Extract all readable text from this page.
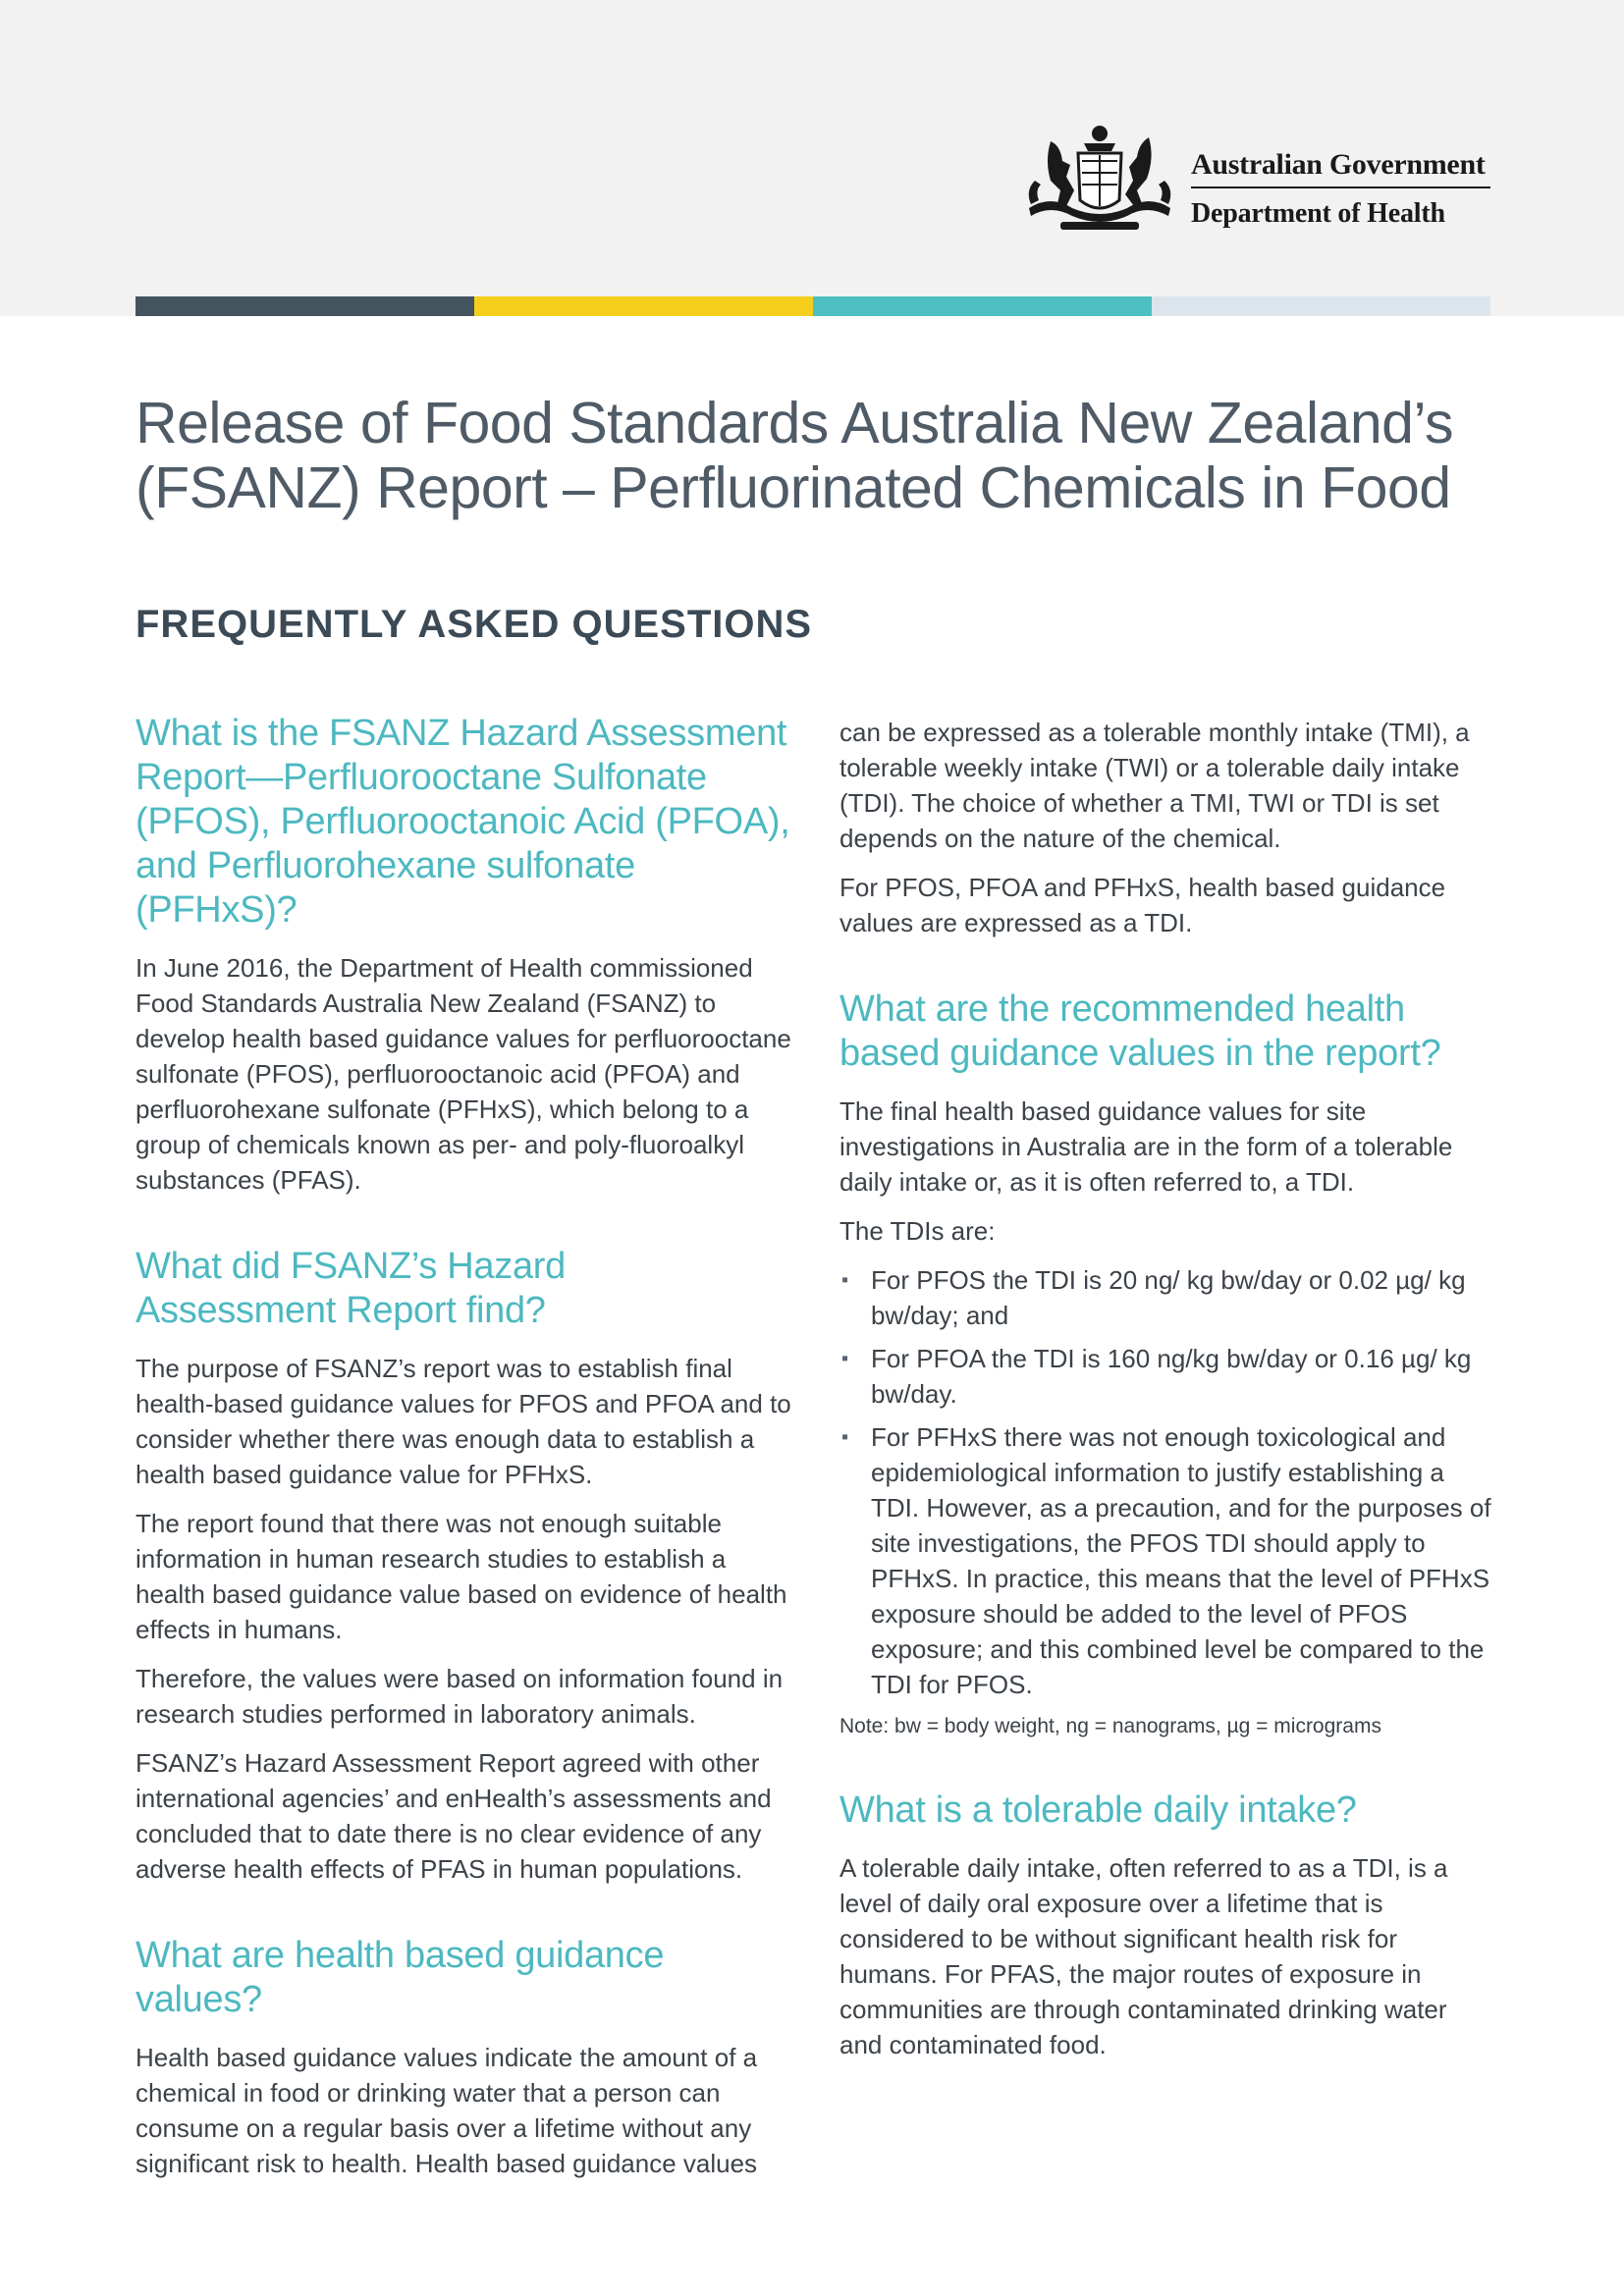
Australian Government
Department of Health
Release of Food Standards Australia New Zealand’s (FSANZ) Report – Perfluorinated Chemicals in Food
FREQUENTLY ASKED QUESTIONS
What is the FSANZ Hazard Assessment Report—Perfluorooctane Sulfonate (PFOS), Perfluorooctanoic Acid (PFOA), and Perfluorohexane sulfonate (PFHxS)?

In June 2016, the Department of Health commissioned Food Standards Australia New Zealand (FSANZ) to develop health based guidance values for perfluorooctane sulfonate (PFOS), perfluorooctanoic acid (PFOA) and perfluorohexane sulfonate (PFHxS), which belong to a group of chemicals known as per- and poly-fluoroalkyl substances (PFAS).

What did FSANZ’s Hazard Assessment Report find?

The purpose of FSANZ’s report was to establish final health-based guidance values for PFOS and PFOA and to consider whether there was enough data to establish a health based guidance value for PFHxS.

The report found that there was not enough suitable information in human research studies to establish a health based guidance value based on evidence of health effects in humans.

Therefore, the values were based on information found in research studies performed in laboratory animals.

FSANZ’s Hazard Assessment Report agreed with other international agencies’ and enHealth’s assessments and concluded that to date there is no clear evidence of any adverse health effects of PFAS in human populations.

What are health based guidance values?

Health based guidance values indicate the amount of a chemical in food or drinking water that a person can consume on a regular basis over a lifetime without any significant risk to health. Health based guidance values

can be expressed as a tolerable monthly intake (TMI), a tolerable weekly intake (TWI) or a tolerable daily intake (TDI). The choice of whether a TMI, TWI or TDI is set depends on the nature of the chemical.

For PFOS, PFOA and PFHxS, health based guidance values are expressed as a TDI.

What are the recommended health based guidance values in the report?

The final health based guidance values for site investigations in Australia are in the form of a tolerable daily intake or, as it is often referred to, a TDI.

The TDIs are:

▪ For PFOS the TDI is 20 ng/ kg bw/day or 0.02 µg/ kg bw/day; and
▪ For PFOA the TDI is 160 ng/kg bw/day or 0.16 µg/ kg bw/day.
▪ For PFHxS there was not enough toxicological and epidemiological information to justify establishing a TDI. However, as a precaution, and for the purposes of site investigations, the PFOS TDI should apply to PFHxS. In practice, this means that the level of PFHxS exposure should be added to the level of PFOS exposure; and this combined level be compared to the TDI for PFOS.

Note: bw = body weight, ng = nanograms, µg = micrograms

What is a tolerable daily intake?

A tolerable daily intake, often referred to as a TDI, is a level of daily oral exposure over a lifetime that is considered to be without significant health risk for humans. For PFAS, the major routes of exposure in communities are through contaminated drinking water and contaminated food.
